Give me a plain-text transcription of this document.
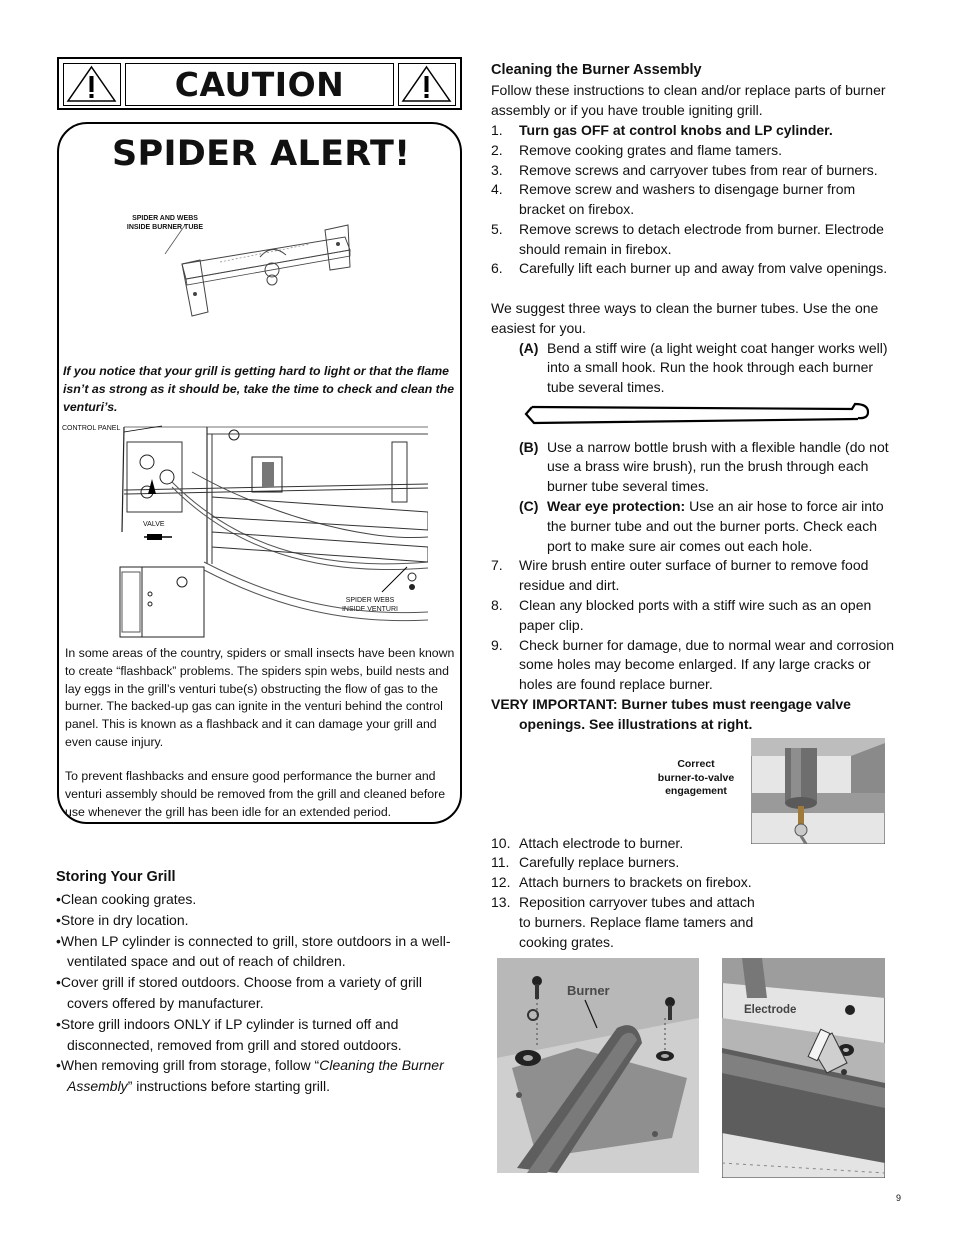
CAUTION
SPIDER ALERT!
SPIDER AND WEBS
INSIDE BURNER TUBE
If you notice that your grill is getting hard to light or that the flame isn’t as strong as it should be, take the time to check and clean the venturi’s.
CONTROL PANEL
VALVE
SPIDER WEBS
INSIDE VENTURI
In some areas of the country, spiders or small insects have been known to create “flashback” problems. The spiders spin webs, build nests and lay eggs in the grill’s venturi tube(s) obstructing the flow of gas to the burner. The backed-up gas can ignite in the venturi behind the control panel. This is known as a flashback and it can damage your grill and even cause injury.
To prevent flashbacks and ensure good performance the burner and venturi assembly should be removed from the grill and cleaned before use whenever the grill has been idle for an extended period.
Storing Your Grill
•Clean cooking grates.
•Store in dry location.
•When LP cylinder is connected to grill, store outdoors in a well-
ventilated space and out of reach of children.
•Cover grill if stored outdoors. Choose from a variety of grill
covers offered by manufacturer.
•Store grill indoors ONLY if LP cylinder is turned off and
disconnected, removed from grill and stored outdoors.
•When removing grill from storage, follow “Cleaning the Burner
Assembly” instructions before starting grill.
Cleaning the Burner Assembly
Follow these instructions to clean and/or replace parts of burner
assembly or if you have trouble igniting grill.
1. Turn gas OFF at control knobs and LP cylinder.
2. Remove cooking grates and flame tamers.
3. Remove screws and carryover tubes from rear of burners.
4. Remove screw and washers to disengage burner from
bracket on firebox.
5. Remove screws to detach electrode from burner. Electrode
should remain in firebox.
6. Carefully lift each burner up and away from valve openings.
We suggest three ways to clean the burner tubes. Use the one
easiest for you.
(A) Bend a stiff wire (a light weight coat hanger works well)
into a small hook. Run the hook through each burner
tube several times.
(B) Use a narrow bottle brush with a flexible handle (do not
use a brass wire brush), run the brush through each
burner tube several times.
(C) Wear eye protection: Use an air hose to force air into
the burner tube and out the burner ports. Check each
port to make sure air comes out each hole.
7. Wire brush entire outer surface of burner to remove food
residue and dirt.
8. Clean any blocked ports with a stiff wire such as an open
paper clip.
9. Check burner for damage, due to normal wear and corrosion
some holes may become enlarged. If any large cracks or
holes are found replace burner.
VERY IMPORTANT: Burner tubes must reengage valve
openings. See illustrations at right.
Correct
burner-to-valve
engagement
10. Attach electrode to burner.
11. Carefully replace burners.
12. Attach burners to brackets on firebox.
13. Reposition carryover tubes and attach
to burners. Replace flame tamers and
cooking grates.
Burner
Electrode
9
